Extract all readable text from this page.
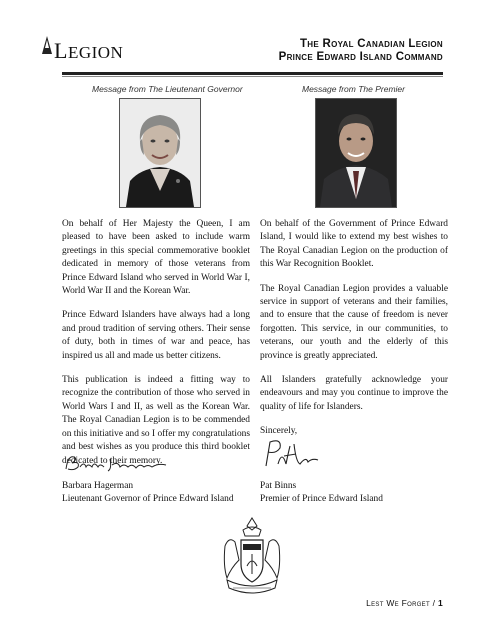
LEGION	The Royal Canadian Legion
Prince Edward Island Command
Message from The Lieutenant Governor	Message from The Premier

On behalf of Her Majesty the Queen, I am pleased to have been asked to include warm greetings in this special commemorative booklet dedicated in memory of those veterans from Prince Edward Island who served in World War I, World War II and the Korean War.

Prince Edward Islanders have always had a long and proud tradition of serving others. Their sense of duty, both in times of war and peace, has inspired us all and made us better citizens.

This publication is indeed a fitting way to recognize the contribution of those who served in World Wars I and II, as well as the Korean War. The Royal Canadian Legion is to be commended on this initiative and so I offer my congratulations and best wishes as you produce this third booklet dedicated to their memory.

On behalf of the Government of Prince Edward Island, I would like to extend my best wishes to The Royal Canadian Legion on the production of this War Recognition Booklet.

The Royal Canadian Legion provides a valuable service in support of veterans and their families, and to ensure that the cause of freedom is never forgotten. This service, in our communities, to veterans, our youth and the elderly of this province is greatly appreciated.

All Islanders gratefully acknowledge your endeavours and may you continue to improve the quality of life for Islanders.

Sincerely,

Barbara Hagerman
Lieutenant Governor of Prince Edward Island
Pat Binns
Premier of Prince Edward Island
Lest We Forget / 1
